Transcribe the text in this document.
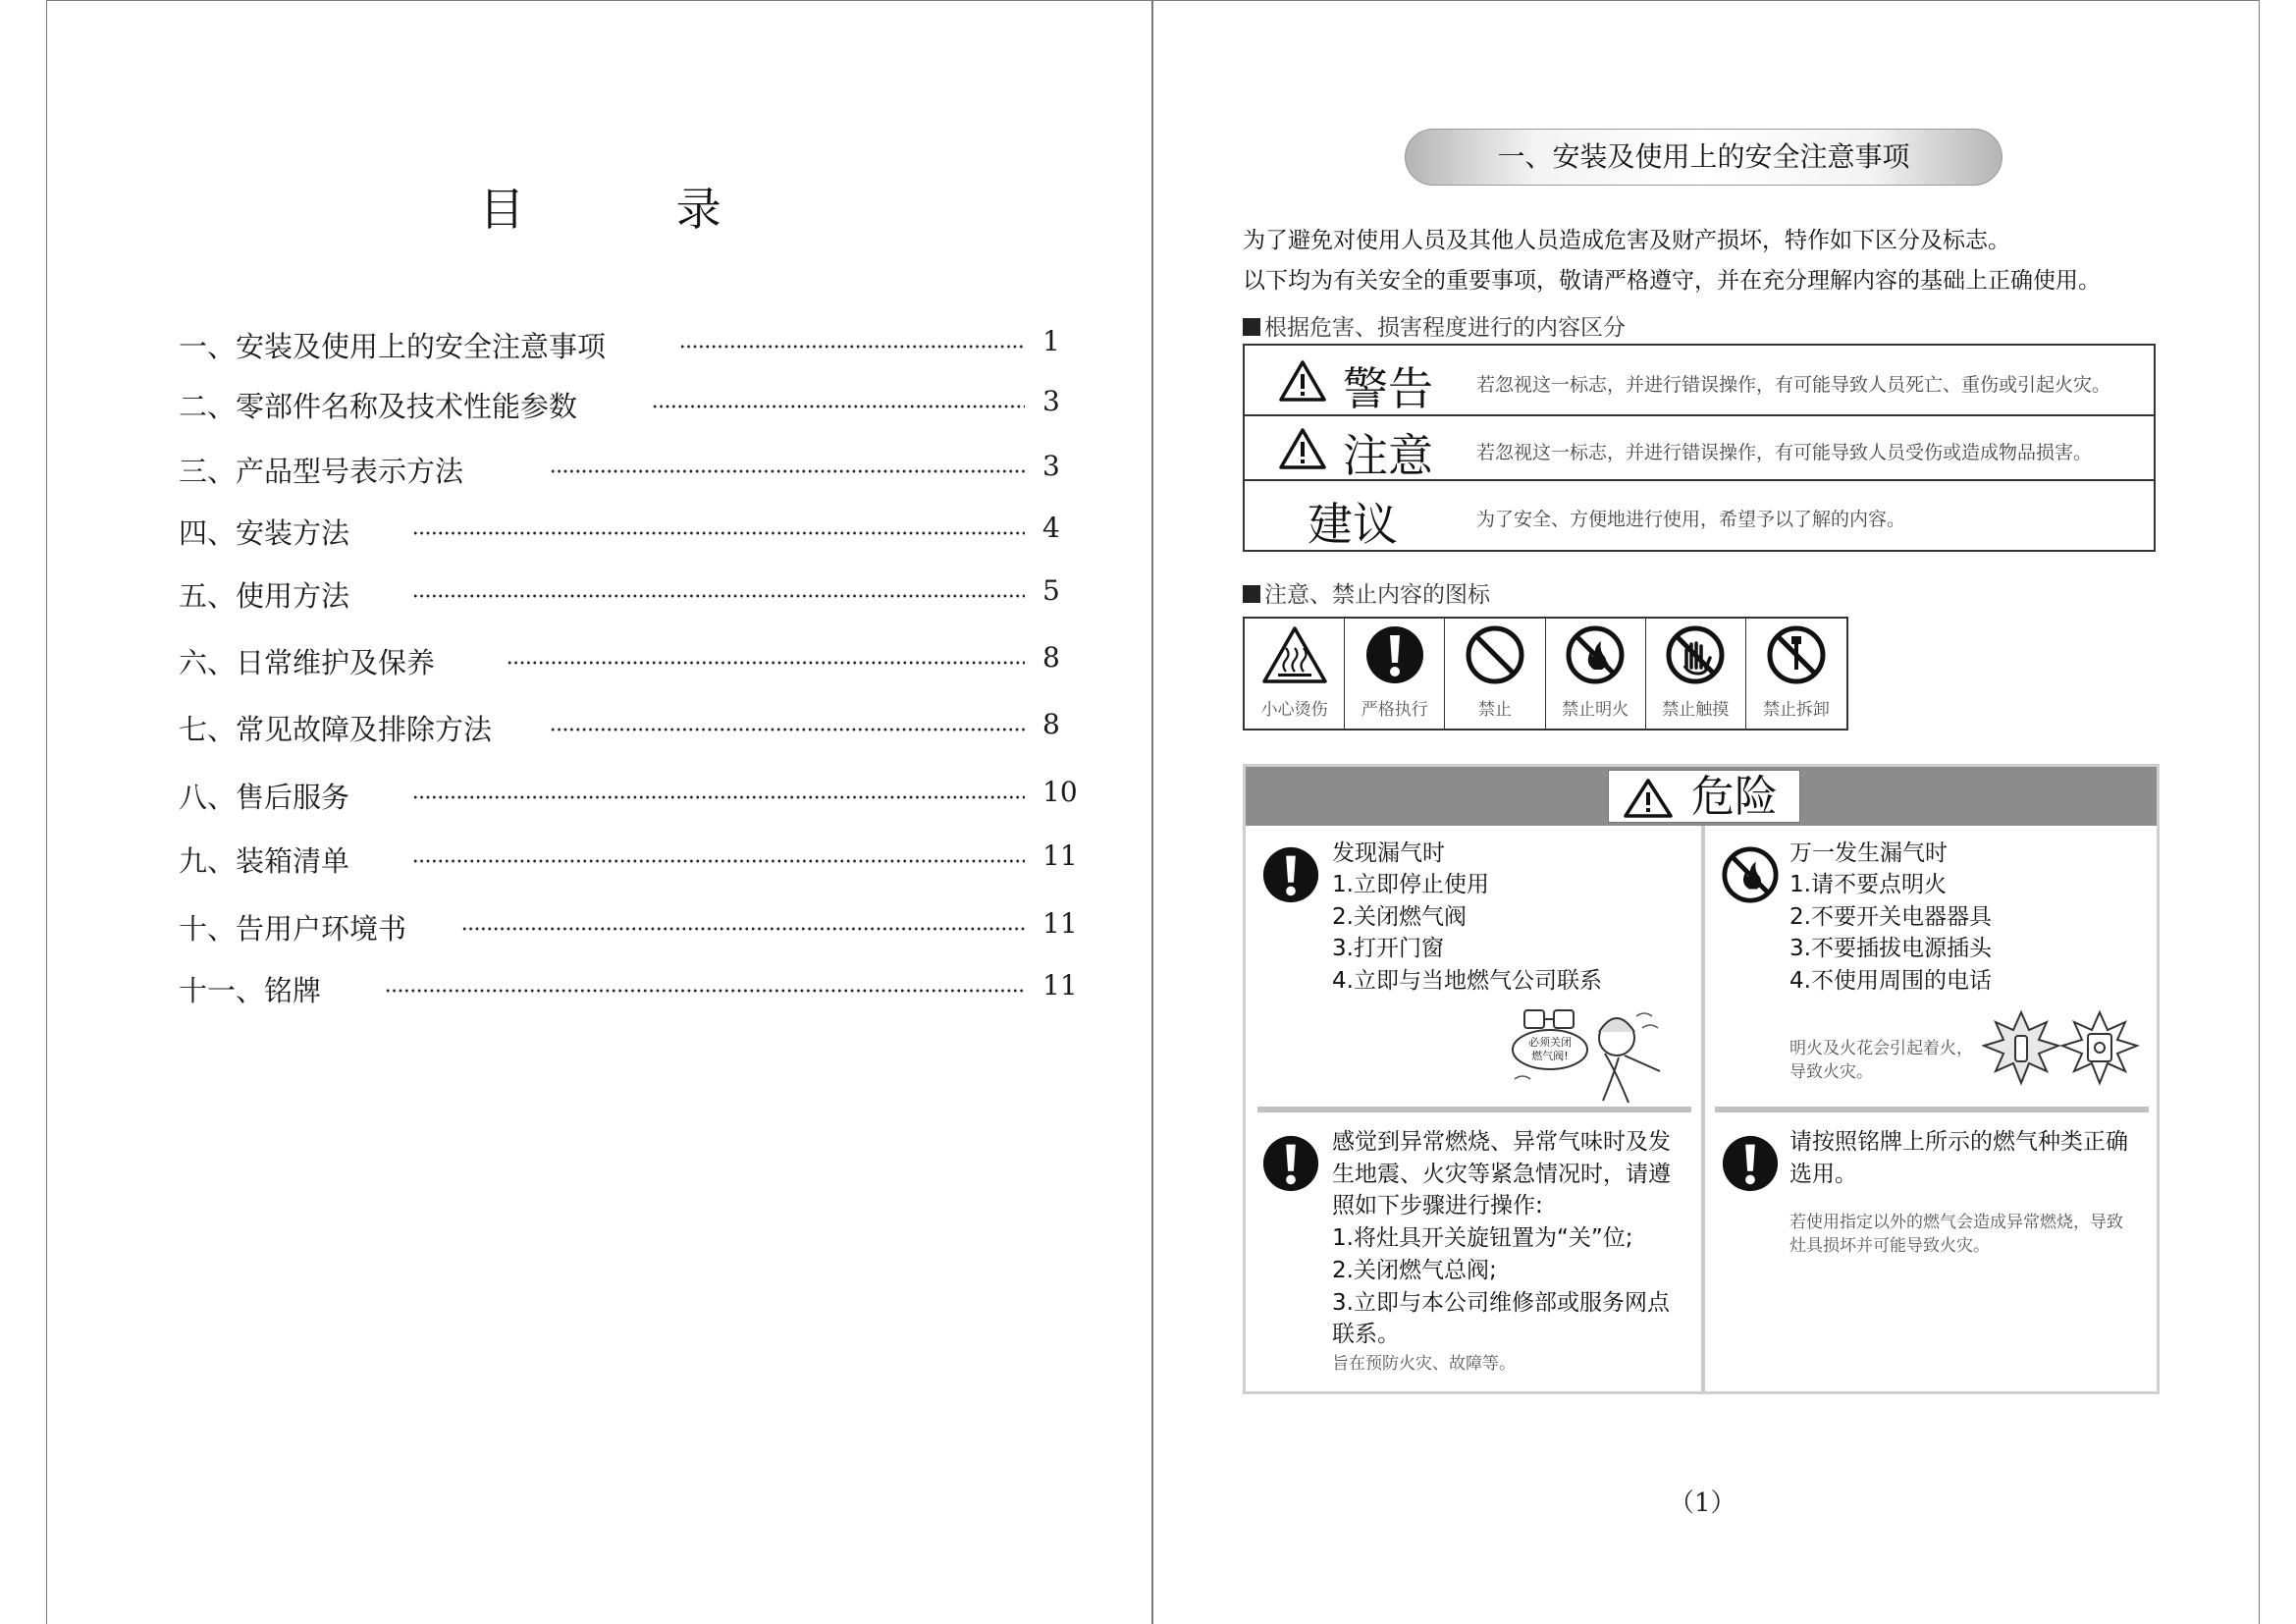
目 录
一、安装及使用上的安全注意事项	1
二、零部件名称及技术性能参数	3
三、产品型号表示方法	3
四、安装方法	4
五、使用方法	5
六、日常维护及保养	8
七、常见故障及排除方法	8
八、售后服务	10
九、装箱清单	11
十、告用户环境书	11
十一、铭牌	11
一、安装及使用上的安全注意事项
为了避免对使用人员及其他人员造成危害及财产损坏，特作如下区分及标志。
以下均为有关安全的重要事项，敬请严格遵守，并在充分理解内容的基础上正确使用。
根据危害、损害程度进行的内容区分
警告 若忽视这一标志，并进行错误操作，有可能导致人员死亡、重伤或引起火灾。
注意 若忽视这一标志，并进行错误操作，有可能导致人员受伤或造成物品损害。
建议	为了安全、方便地进行使用，希望予以了解的内容。
注意、禁止内容的图标
小心烫伤	严格执行	禁止	禁止明火	禁止触摸	禁止拆卸
危险
发现漏气时
1.立即停止使用
2.关闭燃气阀
3.打开门窗
4.立即与当地燃气公司联系
必须关闭
燃气阀!
万一发生漏气时
1.请不要点明火
2.不要开关电器器具
3.不要插拔电源插头
4.不使用周围的电话
明火及火花会引起着火，
导致火灾。
感觉到异常燃烧、异常气味时及发
生地震、火灾等紧急情况时，请遵
照如下步骤进行操作:
1.将灶具开关旋钮置为“关”位;
2.关闭燃气总阀;
3.立即与本公司维修部或服务网点
联系。
旨在预防火灾、故障等。
请按照铭牌上所示的燃气种类正确
选用。
若使用指定以外的燃气会造成异常燃烧，导致
灶具损坏并可能导致火灾。
（1）
